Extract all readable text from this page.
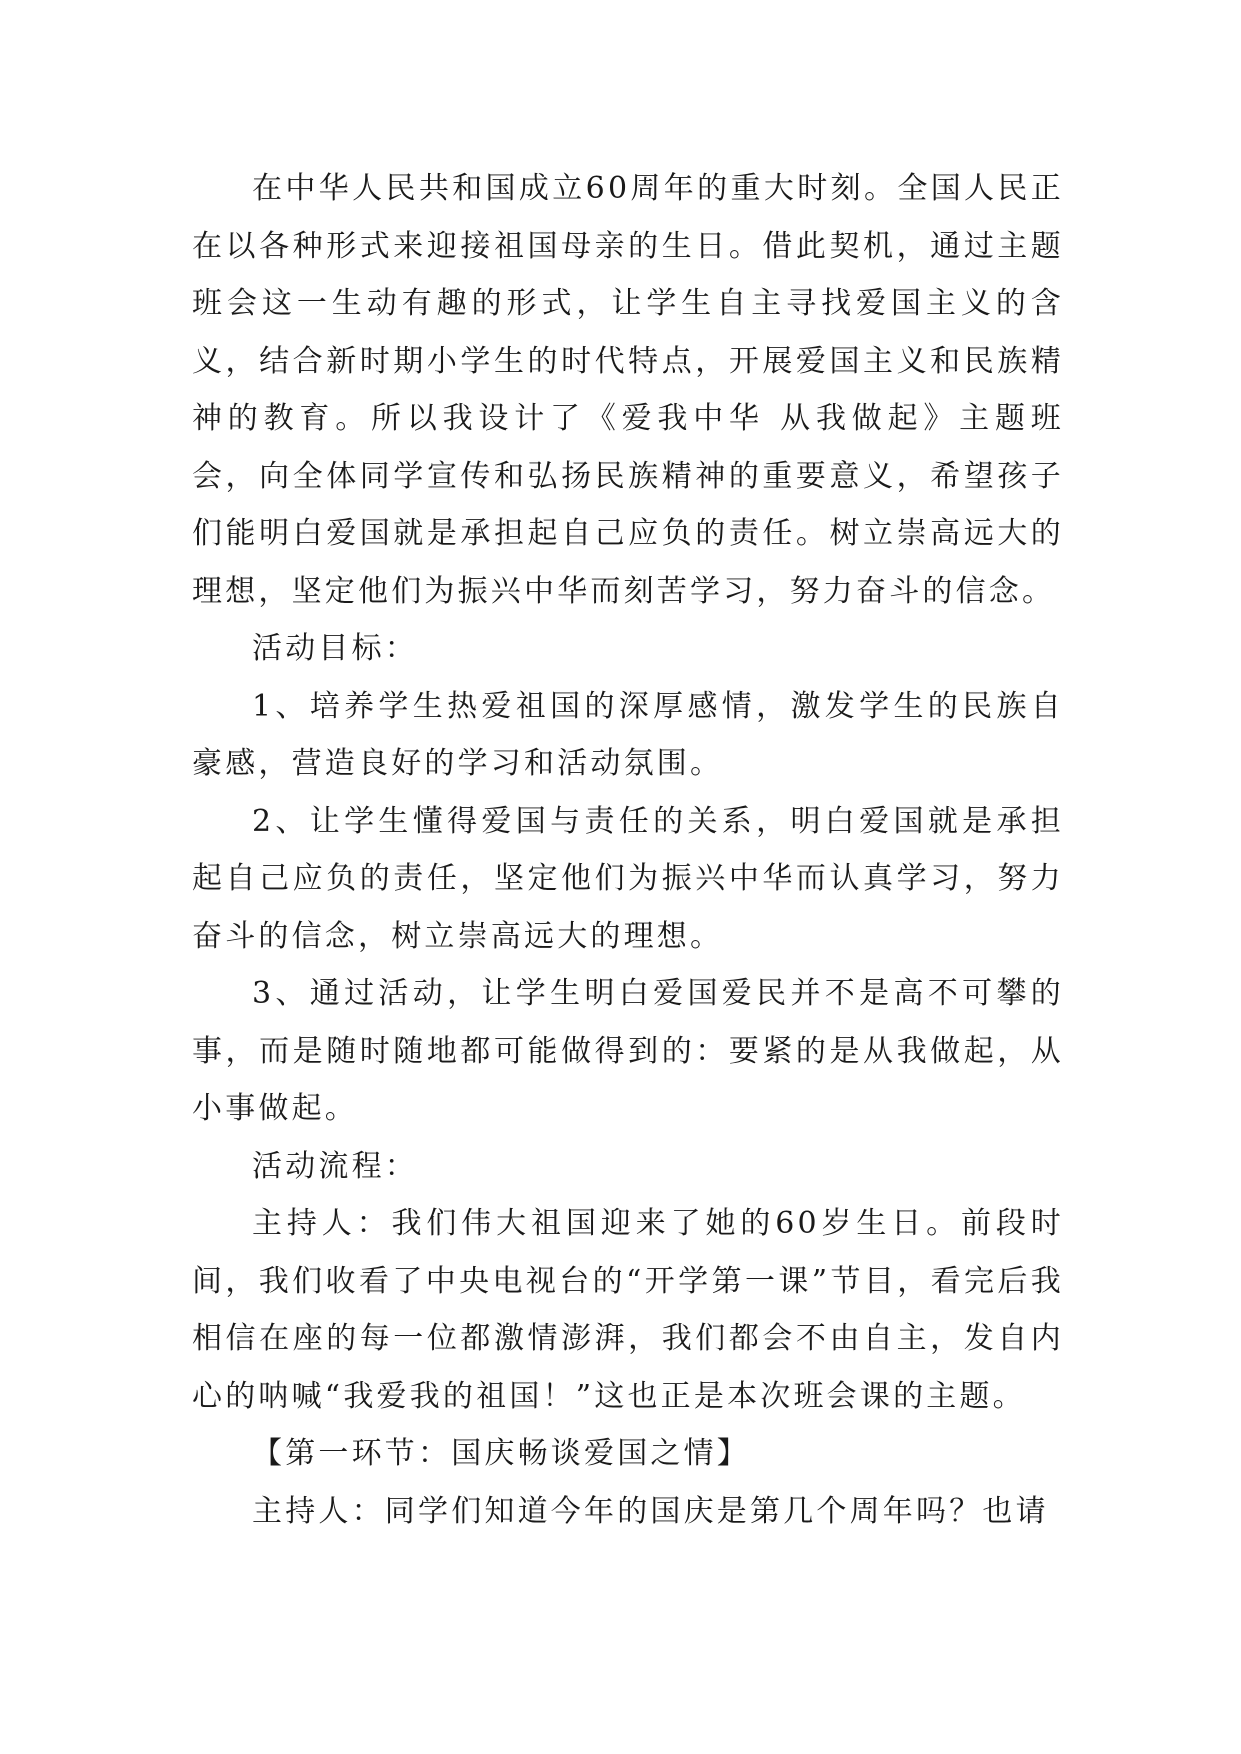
在中华人民共和国成立60周年的重大时刻。全国人民正在以各种形式来迎接祖国母亲的生日。借此契机，通过主题班会这一生动有趣的形式，让学生自主寻找爱国主义的含义，结合新时期小学生的时代特点，开展爱国主义和民族精神的教育。所以我设计了《爱我中华 从我做起》主题班会，向全体同学宣传和弘扬民族精神的重要意义，希望孩子们能明白爱国就是承担起自己应负的责任。树立崇高远大的理想，坚定他们为振兴中华而刻苦学习，努力奋斗的信念。

活动目标：

1、培养学生热爱祖国的深厚感情，激发学生的民族自豪感，营造良好的学习和活动氛围。

2、让学生懂得爱国与责任的关系，明白爱国就是承担起自己应负的责任，坚定他们为振兴中华而认真学习，努力奋斗的信念，树立崇高远大的理想。

3、通过活动，让学生明白爱国爱民并不是高不可攀的事，而是随时随地都可能做得到的：要紧的是从我做起，从小事做起。

活动流程：

主持人：我们伟大祖国迎来了她的60岁生日。前段时间，我们收看了中央电视台的“开学第一课”节目，看完后我相信在座的每一位都激情澎湃，我们都会不由自主，发自内心的呐喊“我爱我的祖国！”这也正是本次班会课的主题。

【第一环节：国庆畅谈爱国之情】

主持人：同学们知道今年的国庆是第几个周年吗？也请
